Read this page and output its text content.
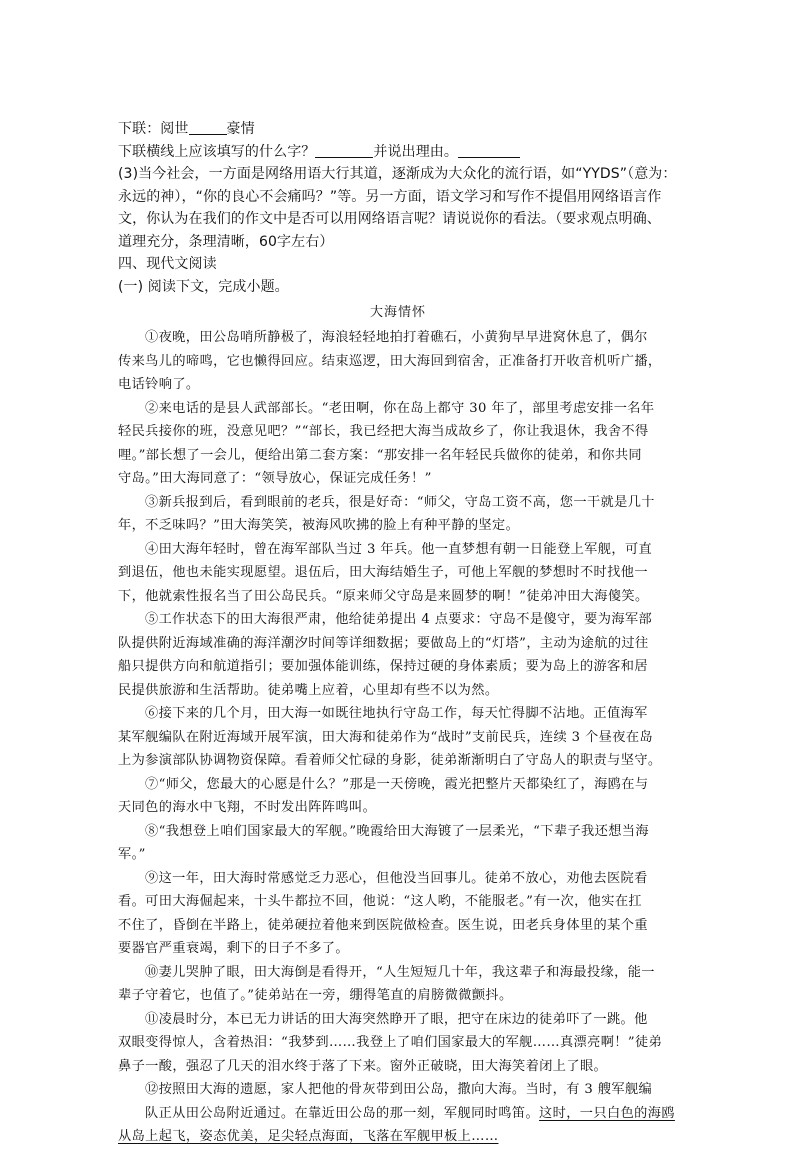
下联：阅世	豪情
下联横线上应该填写的什么字？	并说出理由。
(3)当今社会，一方面是网络用语大行其道，逐渐成为大众化的流行语，如“YYDS”（意为：
永远的神），“你的良心不会痛吗？”等。另一方面，语文学习和写作不提倡用网络语言作
文，你认为在我们的作文中是否可以用网络语言呢？请说说你的看法。（要求观点明确、
道理充分，条理清晰，60字左右）
四、现代文阅读
(一) 阅读下文，完成小题。
大海情怀
①夜晚，田公岛哨所静极了，海浪轻轻地拍打着礁石，小黄狗早早进窝休息了，偶尔
传来鸟儿的啼鸣，它也懒得回应。结束巡逻，田大海回到宿舍，正准备打开收音机听广播，
电话铃响了。
②来电话的是县人武部部长。“老田啊，你在岛上都守 30 年了，部里考虑安排一名年
轻民兵接你的班，没意见吧？”“部长，我已经把大海当成故乡了，你让我退休，我舍不得
哩。”部长想了一会儿，便给出第二套方案：“那安排一名年轻民兵做你的徒弟，和你共同
守岛。”田大海同意了：“领导放心，保证完成任务！”
③新兵报到后，看到眼前的老兵，很是好奇：“师父，守岛工资不高，您一干就是几十
年，不乏味吗？”田大海笑笑，被海风吹拂的脸上有种平静的坚定。
④田大海年轻时，曾在海军部队当过 3 年兵。他一直梦想有朝一日能登上军舰，可直
到退伍，他也未能实现愿望。退伍后，田大海结婚生子，可他上军舰的梦想时不时找他一
下，他就索性报名当了田公岛民兵。“原来师父守岛是来圆梦的啊！”徒弟冲田大海傻笑。
⑤工作状态下的田大海很严肃，他给徒弟提出 4 点要求：守岛不是傻守，要为海军部
队提供附近海域准确的海洋潮汐时间等详细数据；要做岛上的“灯塔”，主动为途航的过往
船只提供方向和航道指引；要加强体能训练，保持过硬的身体素质；要为岛上的游客和居
民提供旅游和生活帮助。徒弟嘴上应着，心里却有些不以为然。
⑥接下来的几个月，田大海一如既往地执行守岛工作，每天忙得脚不沾地。正值海军
某军舰编队在附近海域开展军演，田大海和徒弟作为“战时”支前民兵，连续 3 个昼夜在岛
上为参演部队协调物资保障。看着师父忙碌的身影，徒弟渐渐明白了守岛人的职责与坚守。
⑦“师父，您最大的心愿是什么？”那是一天傍晚，霞光把整片天都染红了，海鸥在与
天同色的海水中飞翔，不时发出阵阵鸣叫。
⑧“我想登上咱们国家最大的军舰。”晚霞给田大海镀了一层柔光，“下辈子我还想当海
军。”
⑨这一年，田大海时常感觉乏力恶心，但他没当回事儿。徒弟不放心，劝他去医院看
看。可田大海倔起来，十头牛都拉不回，他说：“这人哟，不能服老。”有一次，他实在扛
不住了，昏倒在半路上，徒弟硬拉着他来到医院做检查。医生说，田老兵身体里的某个重
要器官严重衰竭，剩下的日子不多了。
⑩妻儿哭肿了眼，田大海倒是看得开，“人生短短几十年，我这辈子和海最投缘，能一
辈子守着它，也值了。”徒弟站在一旁，绷得笔直的肩膀微微颤抖。
⑪凌晨时分，本已无力讲话的田大海突然睁开了眼，把守在床边的徒弟吓了一跳。他
双眼变得惊人，含着热泪：“我梦到……我登上了咱们国家最大的军舰……真漂亮啊！”徒弟
鼻子一酸，强忍了几天的泪水终于落了下来。窗外正破晓，田大海笑着闭上了眼。
⑫按照田大海的遗愿，家人把他的骨灰带到田公岛，撒向大海。当时，有 3 艘军舰编
队正从田公岛附近通过。在靠近田公岛的那一刻，军舰同时鸣笛。这时，一只白色的海鸥
从岛上起飞，姿态优美，足尖轻点海面，飞落在军舰甲板上……
